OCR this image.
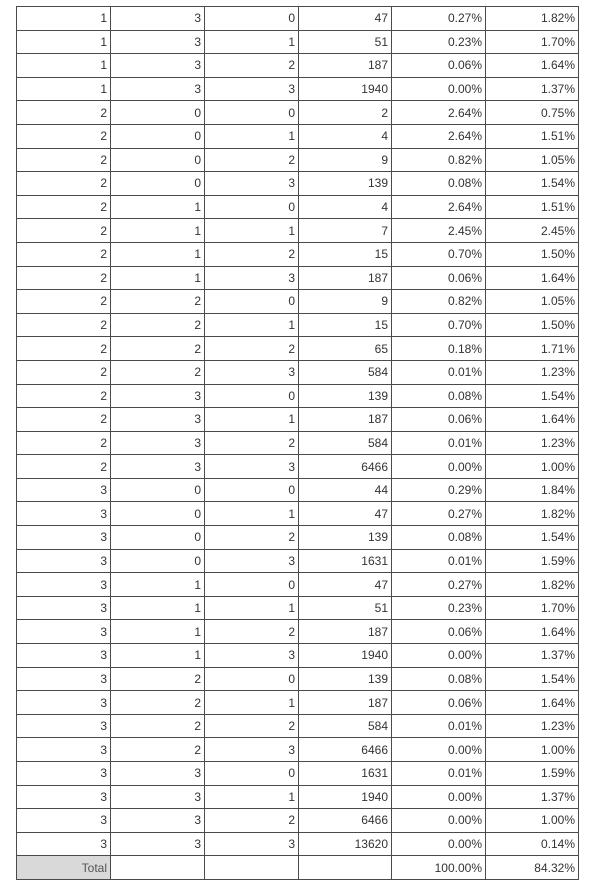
1	3	0	47	0.27%	1.82%
1	3	1	51	0.23%	1.70%
1	3	2	187	0.06%	1.64%
1	3	3	1940	0.00%	1.37%
2	0	0	2	2.64%	0.75%
2	0	1	4	2.64%	1.51%
2	0	2	9	0.82%	1.05%
2	0	3	139	0.08%	1.54%
2	1	0	4	2.64%	1.51%
2	1	1	7	2.45%	2.45%
2	1	2	15	0.70%	1.50%
2	1	3	187	0.06%	1.64%
2	2	0	9	0.82%	1.05%
2	2	1	15	0.70%	1.50%
2	2	2	65	0.18%	1.71%
2	2	3	584	0.01%	1.23%
2	3	0	139	0.08%	1.54%
2	3	1	187	0.06%	1.64%
2	3	2	584	0.01%	1.23%
2	3	3	6466	0.00%	1.00%
3	0	0	44	0.29%	1.84%
3	0	1	47	0.27%	1.82%
3	0	2	139	0.08%	1.54%
3	0	3	1631	0.01%	1.59%
3	1	0	47	0.27%	1.82%
3	1	1	51	0.23%	1.70%
3	1	2	187	0.06%	1.64%
3	1	3	1940	0.00%	1.37%
3	2	0	139	0.08%	1.54%
3	2	1	187	0.06%	1.64%
3	2	2	584	0.01%	1.23%
3	2	3	6466	0.00%	1.00%
3	3	0	1631	0.01%	1.59%
3	3	1	1940	0.00%	1.37%
3	3	2	6466	0.00%	1.00%
3	3	3	13620	0.00%	0.14%
Total				100.00%	84.32%
